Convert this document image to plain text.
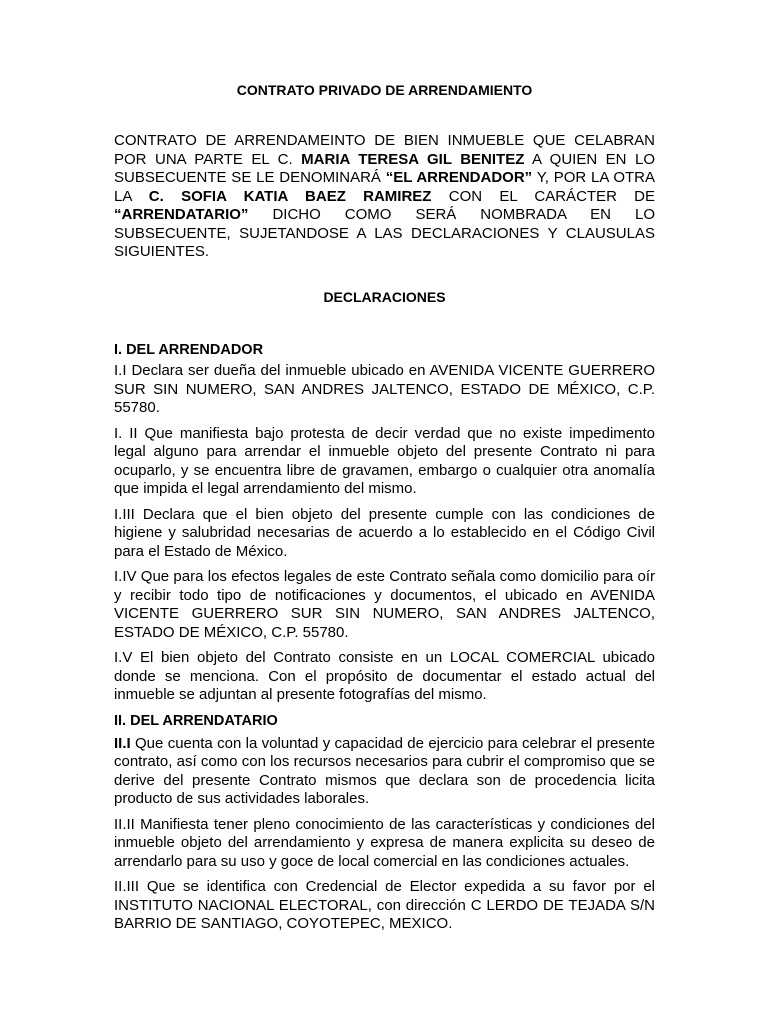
CONTRATO PRIVADO DE ARRENDAMIENTO
CONTRATO DE ARRENDAMEINTO DE BIEN INMUEBLE QUE CELABRAN POR UNA PARTE EL C. MARIA TERESA GIL BENITEZ A QUIEN EN LO SUBSECUENTE SE LE DENOMINARÁ “EL ARRENDADOR” Y, POR LA OTRA LA C. SOFIA KATIA BAEZ RAMIREZ CON EL CARÁCTER DE “ARRENDATARIO” DICHO COMO SERÁ NOMBRADA EN LO SUBSECUENTE, SUJETANDOSE A LAS DECLARACIONES Y CLAUSULAS SIGUIENTES.
DECLARACIONES
I. DEL ARRENDADOR

I.I Declara ser dueña del inmueble ubicado en AVENIDA VICENTE GUERRERO SUR SIN NUMERO, SAN ANDRES JALTENCO, ESTADO DE MÉXICO, C.P. 55780.

I. II Que manifiesta bajo protesta de decir verdad que no existe impedimento legal alguno para arrendar el inmueble objeto del presente Contrato ni para ocuparlo, y se encuentra libre de gravamen, embargo o cualquier otra anomalía que impida el legal arrendamiento del mismo.

I.III Declara que el bien objeto del presente cumple con las condiciones de higiene y salubridad necesarias de acuerdo a lo establecido en el Código Civil para el Estado de México.

I.IV Que para los efectos legales de este Contrato señala como domicilio para oír y recibir todo tipo de notificaciones y documentos, el ubicado en AVENIDA VICENTE GUERRERO SUR SIN NUMERO, SAN ANDRES JALTENCO, ESTADO DE MÉXICO, C.P. 55780.

I.V El bien objeto del Contrato consiste en un LOCAL COMERCIAL ubicado donde se menciona. Con el propósito de documentar el estado actual del inmueble se adjuntan al presente fotografías del mismo.

II. DEL ARRENDATARIO

II.I Que cuenta con la voluntad y capacidad de ejercicio para celebrar el presente contrato, así como con los recursos necesarios para cubrir el compromiso que se derive del presente Contrato mismos que declara son de procedencia licita producto de sus actividades laborales.

II.II Manifiesta tener pleno conocimiento de las características y condiciones del inmueble objeto del arrendamiento y expresa de manera explicita su deseo de arrendarlo para su uso y goce de local comercial en las condiciones actuales.

II.III Que se identifica con Credencial de Elector expedida a su favor por el INSTITUTO NACIONAL ELECTORAL, con dirección C LERDO DE TEJADA S/N BARRIO DE SANTIAGO, COYOTEPEC, MEXICO.
